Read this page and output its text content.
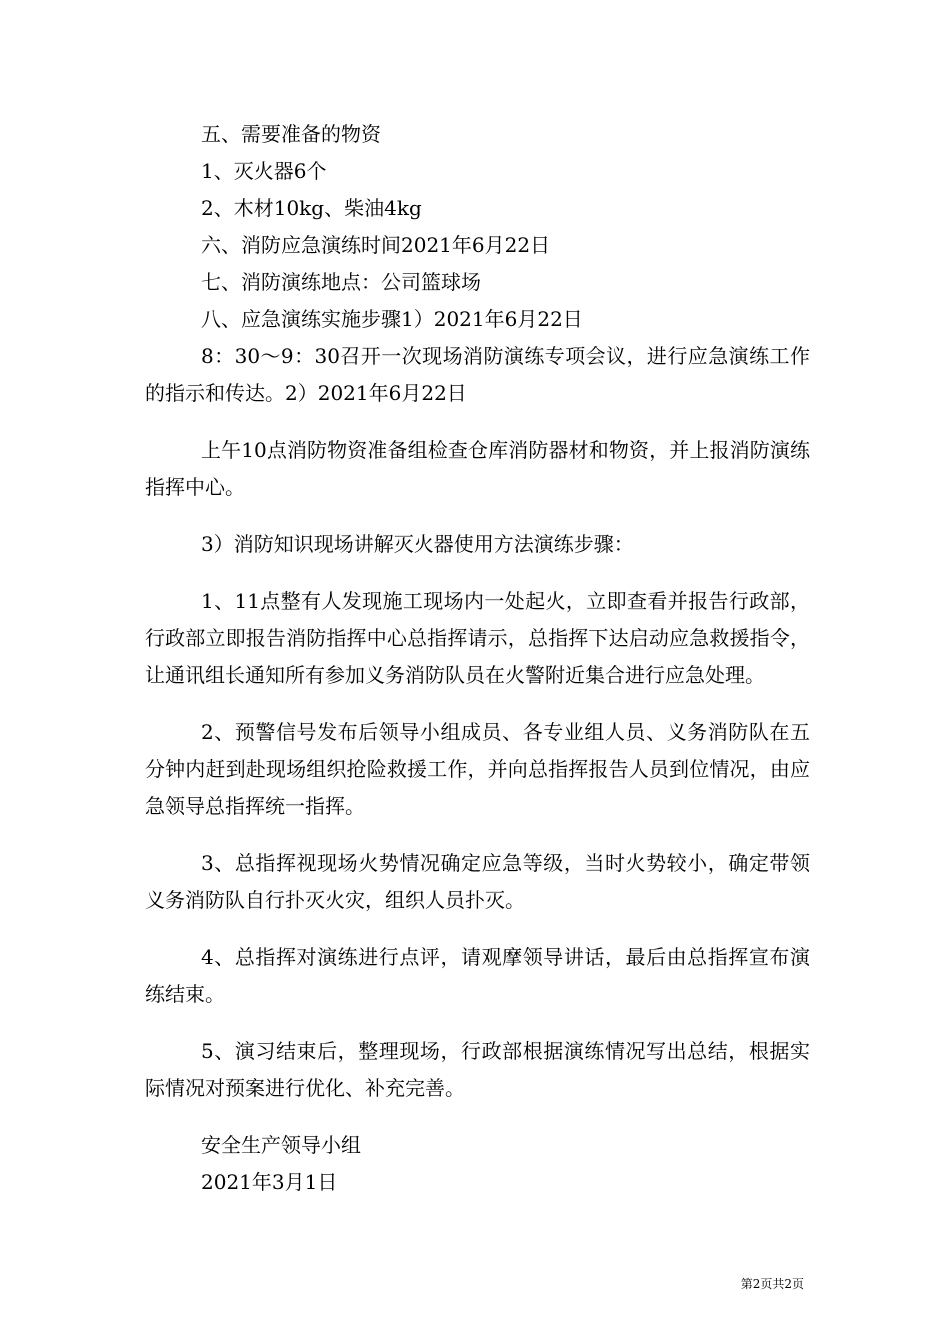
五、需要准备的物资
1、灭火器6个
2、木材10kg、柴油4kg
六、消防应急演练时间2021年6月22日
七、消防演练地点：公司篮球场
八、应急演练实施步骤1）2021年6月22日

8：30～9：30召开一次现场消防演练专项会议，进行应急演练工作的指示和传达。2）2021年6月22日

上午10点消防物资准备组检查仓库消防器材和物资，并上报消防演练指挥中心。

3）消防知识现场讲解灭火器使用方法演练步骤：

1、11点整有人发现施工现场内一处起火，立即查看并报告行政部，行政部立即报告消防指挥中心总指挥请示，总指挥下达启动应急救援指令，让通讯组长通知所有参加义务消防队员在火警附近集合进行应急处理。

2、预警信号发布后领导小组成员、各专业组人员、义务消防队在五分钟内赶到赴现场组织抢险救援工作，并向总指挥报告人员到位情况，由应急领导总指挥统一指挥。

3、总指挥视现场火势情况确定应急等级，当时火势较小，确定带领义务消防队自行扑灭火灾，组织人员扑灭。

4、总指挥对演练进行点评，请观摩领导讲话，最后由总指挥宣布演练结束。

5、演习结束后，整理现场，行政部根据演练情况写出总结，根据实际情况对预案进行优化、补充完善。

安全生产领导小组
2021年3月1日
第2页共2页
